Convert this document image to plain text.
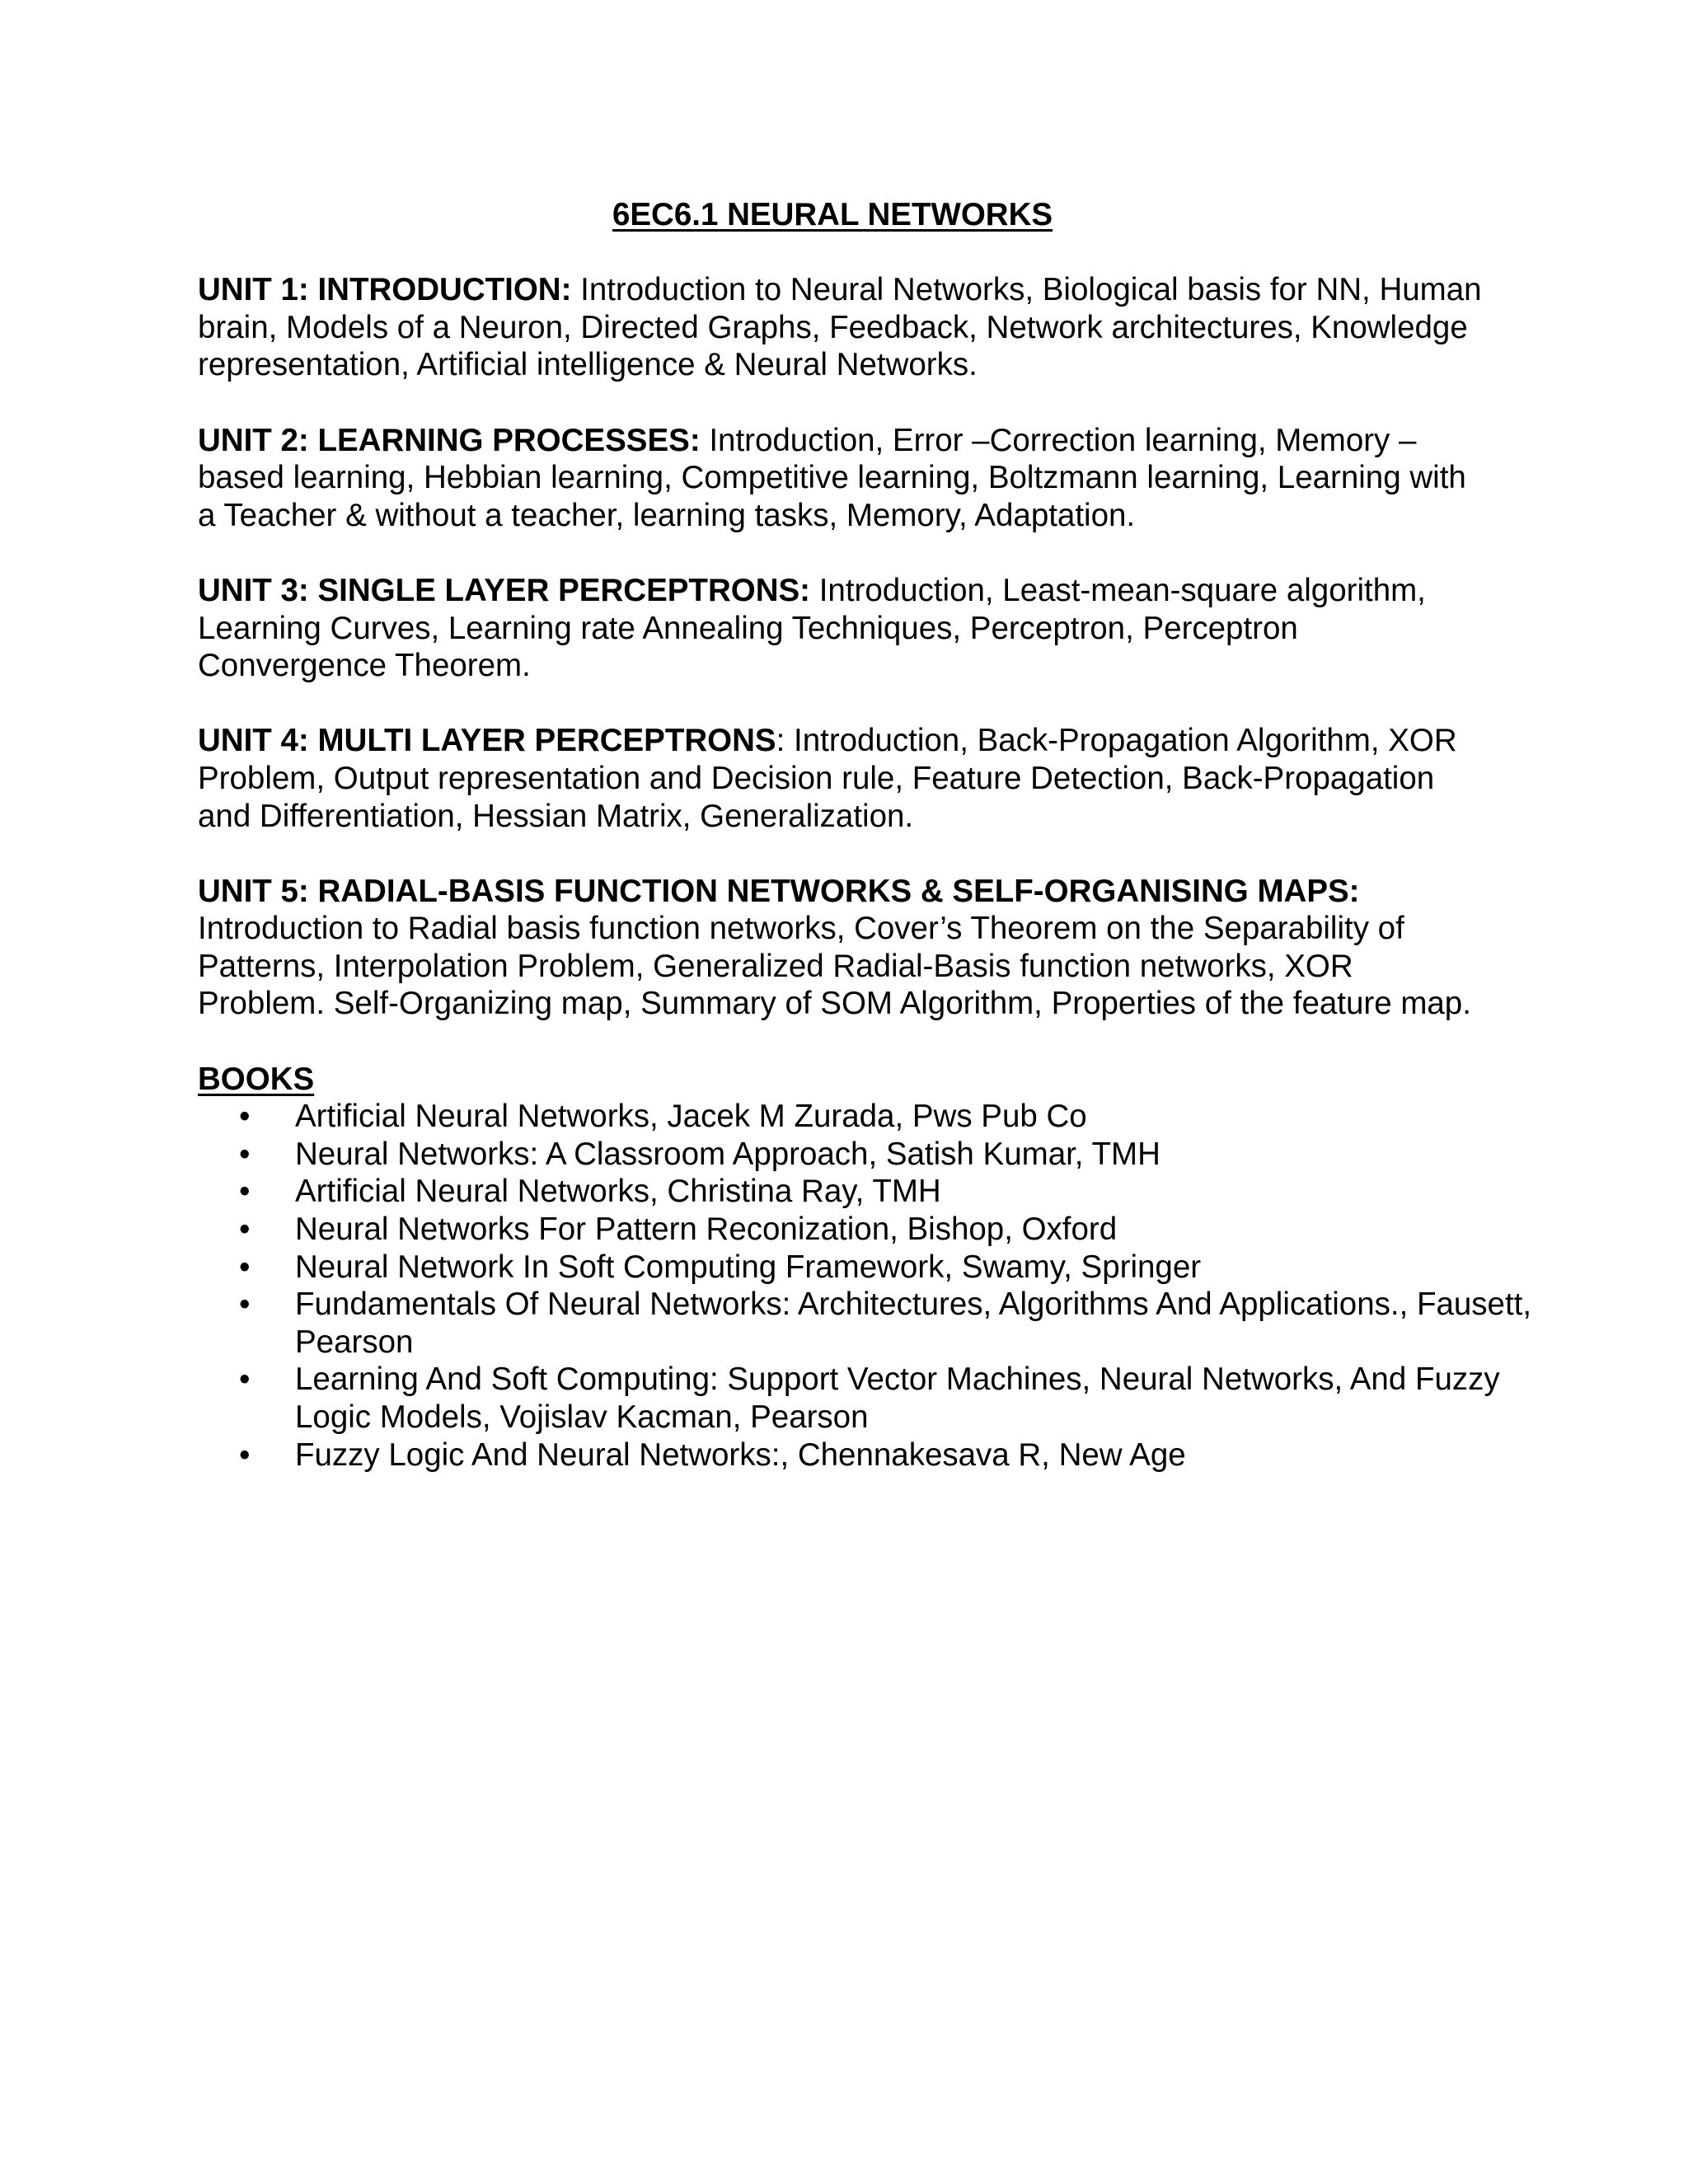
6EC6.1 NEURAL NETWORKS

UNIT 1: INTRODUCTION: Introduction to Neural Networks, Biological basis for NN, Human brain, Models of a Neuron, Directed Graphs, Feedback, Network architectures, Knowledge representation, Artificial intelligence & Neural Networks.

UNIT 2: LEARNING PROCESSES: Introduction, Error –Correction learning, Memory –based learning, Hebbian learning, Competitive learning, Boltzmann learning, Learning with a Teacher & without a teacher, learning tasks, Memory, Adaptation.

UNIT 3: SINGLE LAYER PERCEPTRONS: Introduction, Least-mean-square algorithm, Learning Curves, Learning rate Annealing Techniques, Perceptron, Perceptron Convergence Theorem.

UNIT 4: MULTI LAYER PERCEPTRONS: Introduction, Back-Propagation Algorithm, XOR Problem, Output representation and Decision rule, Feature Detection, Back-Propagation and Differentiation, Hessian Matrix, Generalization.

UNIT 5: RADIAL-BASIS FUNCTION NETWORKS & SELF-ORGANISING MAPS: Introduction to Radial basis function networks, Cover’s Theorem on the Separability of Patterns, Interpolation Problem, Generalized Radial-Basis function networks, XOR Problem. Self-Organizing map, Summary of SOM Algorithm, Properties of the feature map.

BOOKS
• Artificial Neural Networks, Jacek M Zurada, Pws Pub Co
• Neural Networks: A Classroom Approach, Satish Kumar, TMH
• Artificial Neural Networks, Christina Ray, TMH
• Neural Networks For Pattern Reconization, Bishop, Oxford
• Neural Network In Soft Computing Framework, Swamy, Springer
• Fundamentals Of Neural Networks: Architectures, Algorithms And Applications., Fausett, Pearson
• Learning And Soft Computing: Support Vector Machines, Neural Networks, And Fuzzy Logic Models, Vojislav Kacman, Pearson
• Fuzzy Logic And Neural Networks:, Chennakesava R, New Age
